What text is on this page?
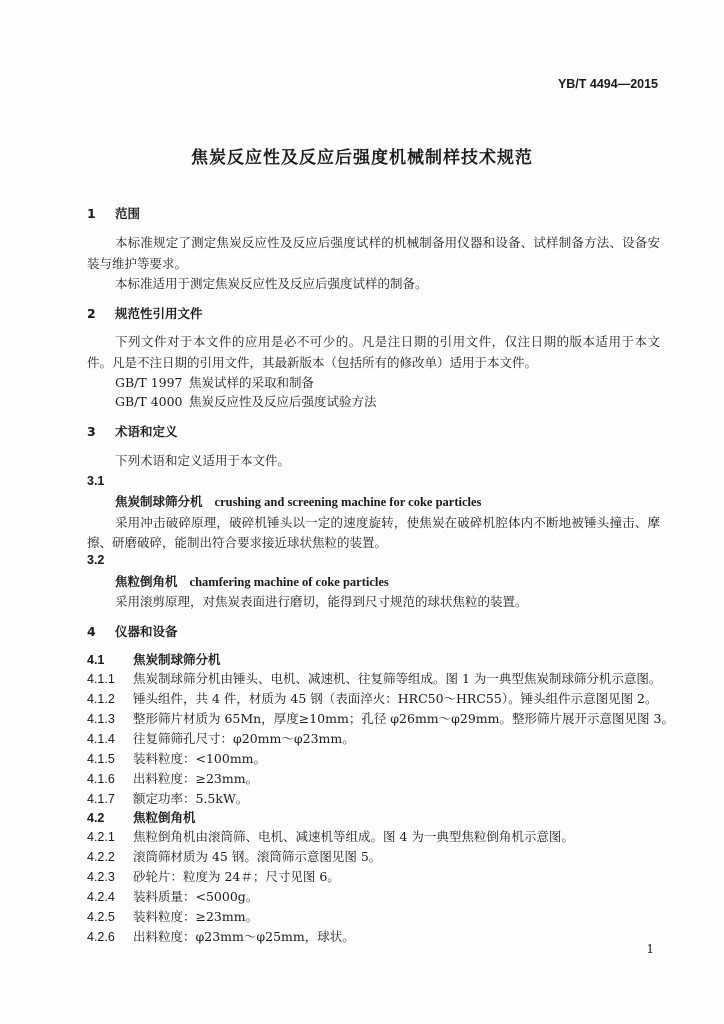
YB/T 4494—2015
焦炭反应性及反应后强度机械制样技术规范
1 范围
本标准规定了测定焦炭反应性及反应后强度试样的机械制备用仪器和设备、试样制备方法、设备安
装与维护等要求。
本标准适用于测定焦炭反应性及反应后强度试样的制备。
2 规范性引用文件
下列文件对于本文件的应用是必不可少的。凡是注日期的引用文件，仅注日期的版本适用于本文
件。凡是不注日期的引用文件，其最新版本（包括所有的修改单）适用于本文件。
GB/T 1997 焦炭试样的采取和制备
GB/T 4000 焦炭反应性及反应后强度试验方法
3 术语和定义
下列术语和定义适用于本文件。
3.1
焦炭制球筛分机 crushing and screening machine for coke particles
采用冲击破碎原理，破碎机锤头以一定的速度旋转，使焦炭在破碎机腔体内不断地被锤头撞击、摩
擦、研磨破碎，能制出符合要求接近球状焦粒的装置。
3.2
焦粒倒角机 chamfering machine of coke particles
采用滚剪原理，对焦炭表面进行磨切，能得到尺寸规范的球状焦粒的装置。
4 仪器和设备
4.1 焦炭制球筛分机
4.1.1 焦炭制球筛分机由锤头、电机、减速机、往复筛等组成。图 1 为一典型焦炭制球筛分机示意图。
4.1.2 锤头组件，共 4 件，材质为 45 钢（表面淬火：HRC50～HRC55）。锤头组件示意图见图 2。
4.1.3 整形筛片材质为 65Mn，厚度≥10mm；孔径 φ26mm～φ29mm。整形筛片展开示意图见图 3。
4.1.4 往复筛筛孔尺寸：φ20mm～φ23mm。
4.1.5 装料粒度：<100mm。
4.1.6 出料粒度：≥23mm。
4.1.7 额定功率：5.5kW。
4.2 焦粒倒角机
4.2.1 焦粒倒角机由滚筒筛、电机、减速机等组成。图 4 为一典型焦粒倒角机示意图。
4.2.2 滚筒筛材质为 45 钢。滚筒筛示意图见图 5。
4.2.3 砂轮片：粒度为 24＃；尺寸见图 6。
4.2.4 装料质量：<5000g。
4.2.5 装料粒度：≥23mm。
4.2.6 出料粒度：φ23mm～φ25mm，球状。
1
